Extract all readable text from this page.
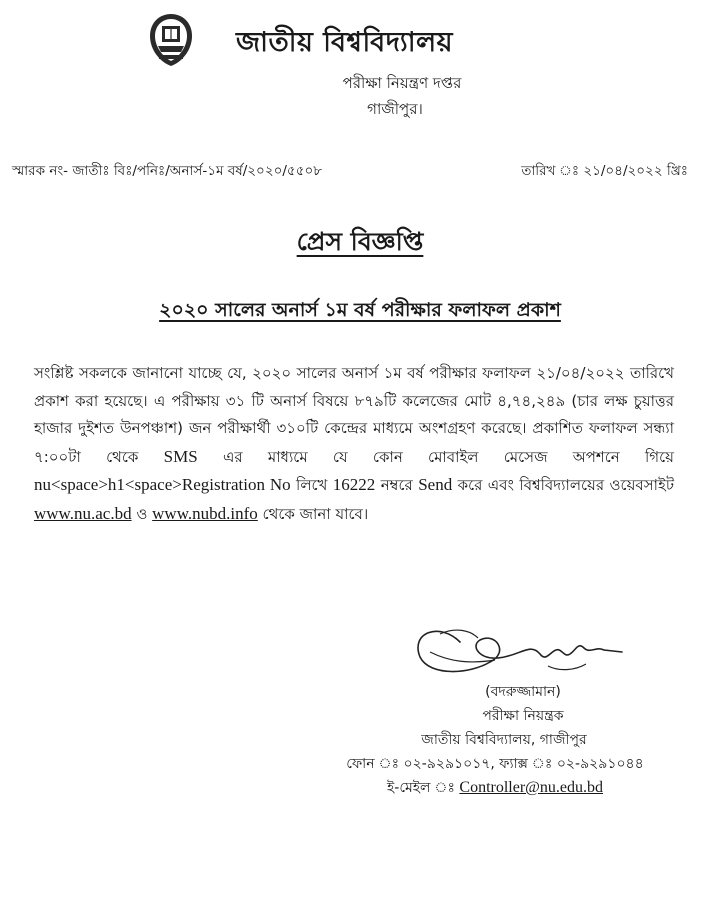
জাতীয় বিশ্ববিদ্যালয়
পরীক্ষা নিয়ন্ত্রণ দপ্তর
গাজীপুর।
স্মারক নং- জাতীঃ বিঃ/পনিঃ/অনার্স-১ম বর্ষ/২০২০/৫৫০৮	তারিখ ঃ ২১/০৪/২০২২ খ্রিঃ
প্রেস বিজ্ঞপ্তি
২০২০ সালের অনার্স ১ম বর্ষ পরীক্ষার ফলাফল প্রকাশ
সংশ্লিষ্ট সকলকে জানানো যাচ্ছে যে, ২০২০ সালের অনার্স ১ম বর্ষ পরীক্ষার ফলাফল ২১/০৪/২০২২ তারিখে প্রকাশ করা হয়েছে। এ পরীক্ষায় ৩১ টি অনার্স বিষয়ে ৮৭৯টি কলেজের মোট ৪,৭৪,২৪৯ (চার লক্ষ চুয়াত্তর হাজার দুইশত উনপঞ্চাশ) জন পরীক্ষার্থী ৩১০টি কেন্দ্রের মাধ্যমে অংশগ্রহণ করেছে। প্রকাশিত ফলাফল সন্ধ্যা ৭:০০টা থেকে SMS এর মাধ্যমে যে কোন মোবাইল মেসেজ অপশনে গিয়ে nu<space>h1<space>Registration No লিখে 16222 নম্বরে Send করে এবং বিশ্ববিদ্যালয়ের ওয়েবসাইট www.nu.ac.bd ও www.nubd.info থেকে জানা যাবে।
(বদরুজ্জামান)
পরীক্ষা নিয়ন্ত্রক
জাতীয় বিশ্ববিদ্যালয়, গাজীপুর
ফোন ঃ ০২-৯২৯১০১৭, ফ্যাক্স ঃ ০২-৯২৯১০৪৪
ই-মেইল ঃ Controller@nu.edu.bd
